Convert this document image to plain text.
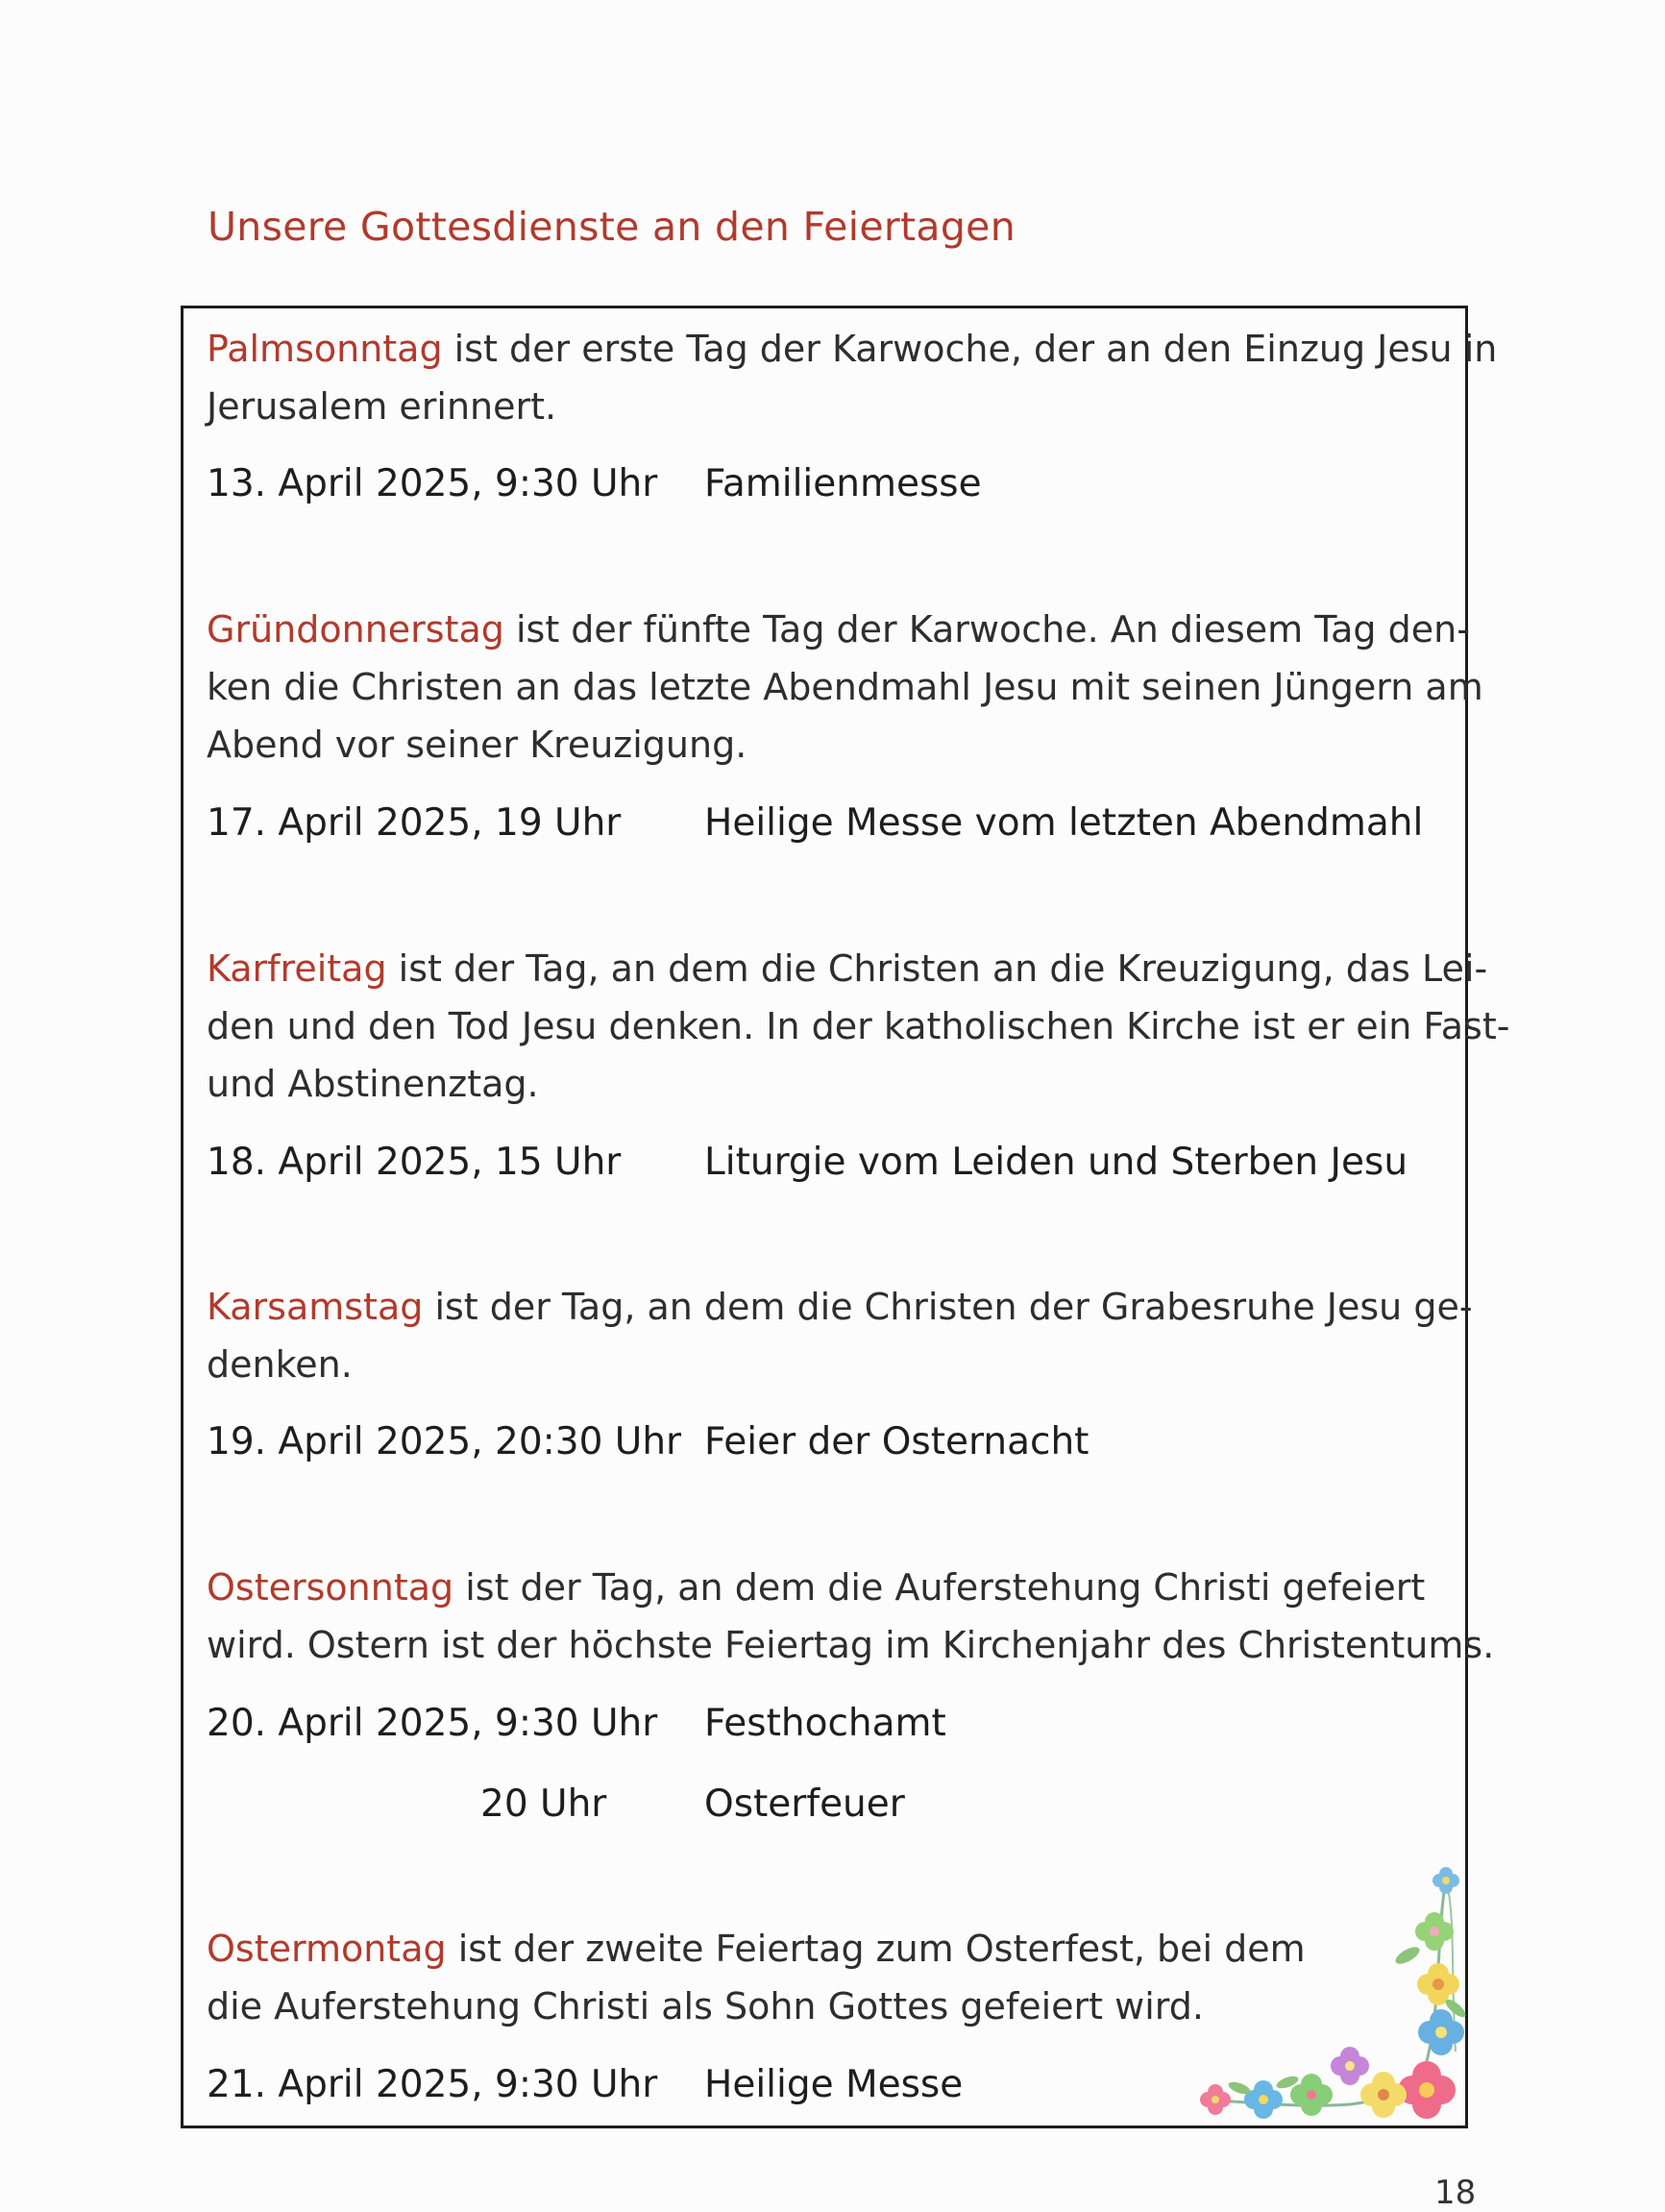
Unsere Gottesdienste an den Feiertagen

Palmsonntag ist der erste Tag der Karwoche, der an den Einzug Jesu in
Jerusalem erinnert.

13. April 2025, 9:30 Uhr Familienmesse

Gründonnerstag ist der fünfte Tag der Karwoche. An diesem Tag den-
ken die Christen an das letzte Abendmahl Jesu mit seinen Jüngern am
Abend vor seiner Kreuzigung.

17. April 2025, 19 Uhr Heilige Messe vom letzten Abendmahl

Karfreitag ist der Tag, an dem die Christen an die Kreuzigung, das Lei-
den und den Tod Jesu denken. In der katholischen Kirche ist er ein Fast-
und Abstinenztag.

18. April 2025, 15 Uhr Liturgie vom Leiden und Sterben Jesu

Karsamstag ist der Tag, an dem die Christen der Grabesruhe Jesu ge-
denken.

19. April 2025, 20:30 Uhr Feier der Osternacht

Ostersonntag ist der Tag, an dem die Auferstehung Christi gefeiert
wird. Ostern ist der höchste Feiertag im Kirchenjahr des Christentums.

20. April 2025, 9:30 Uhr Festhochamt
20 Uhr	Osterfeuer

Ostermontag ist der zweite Feiertag zum Osterfest, bei dem
die Auferstehung Christi als Sohn Gottes gefeiert wird.

21. April 2025, 9:30 Uhr Heilige Messe
18
